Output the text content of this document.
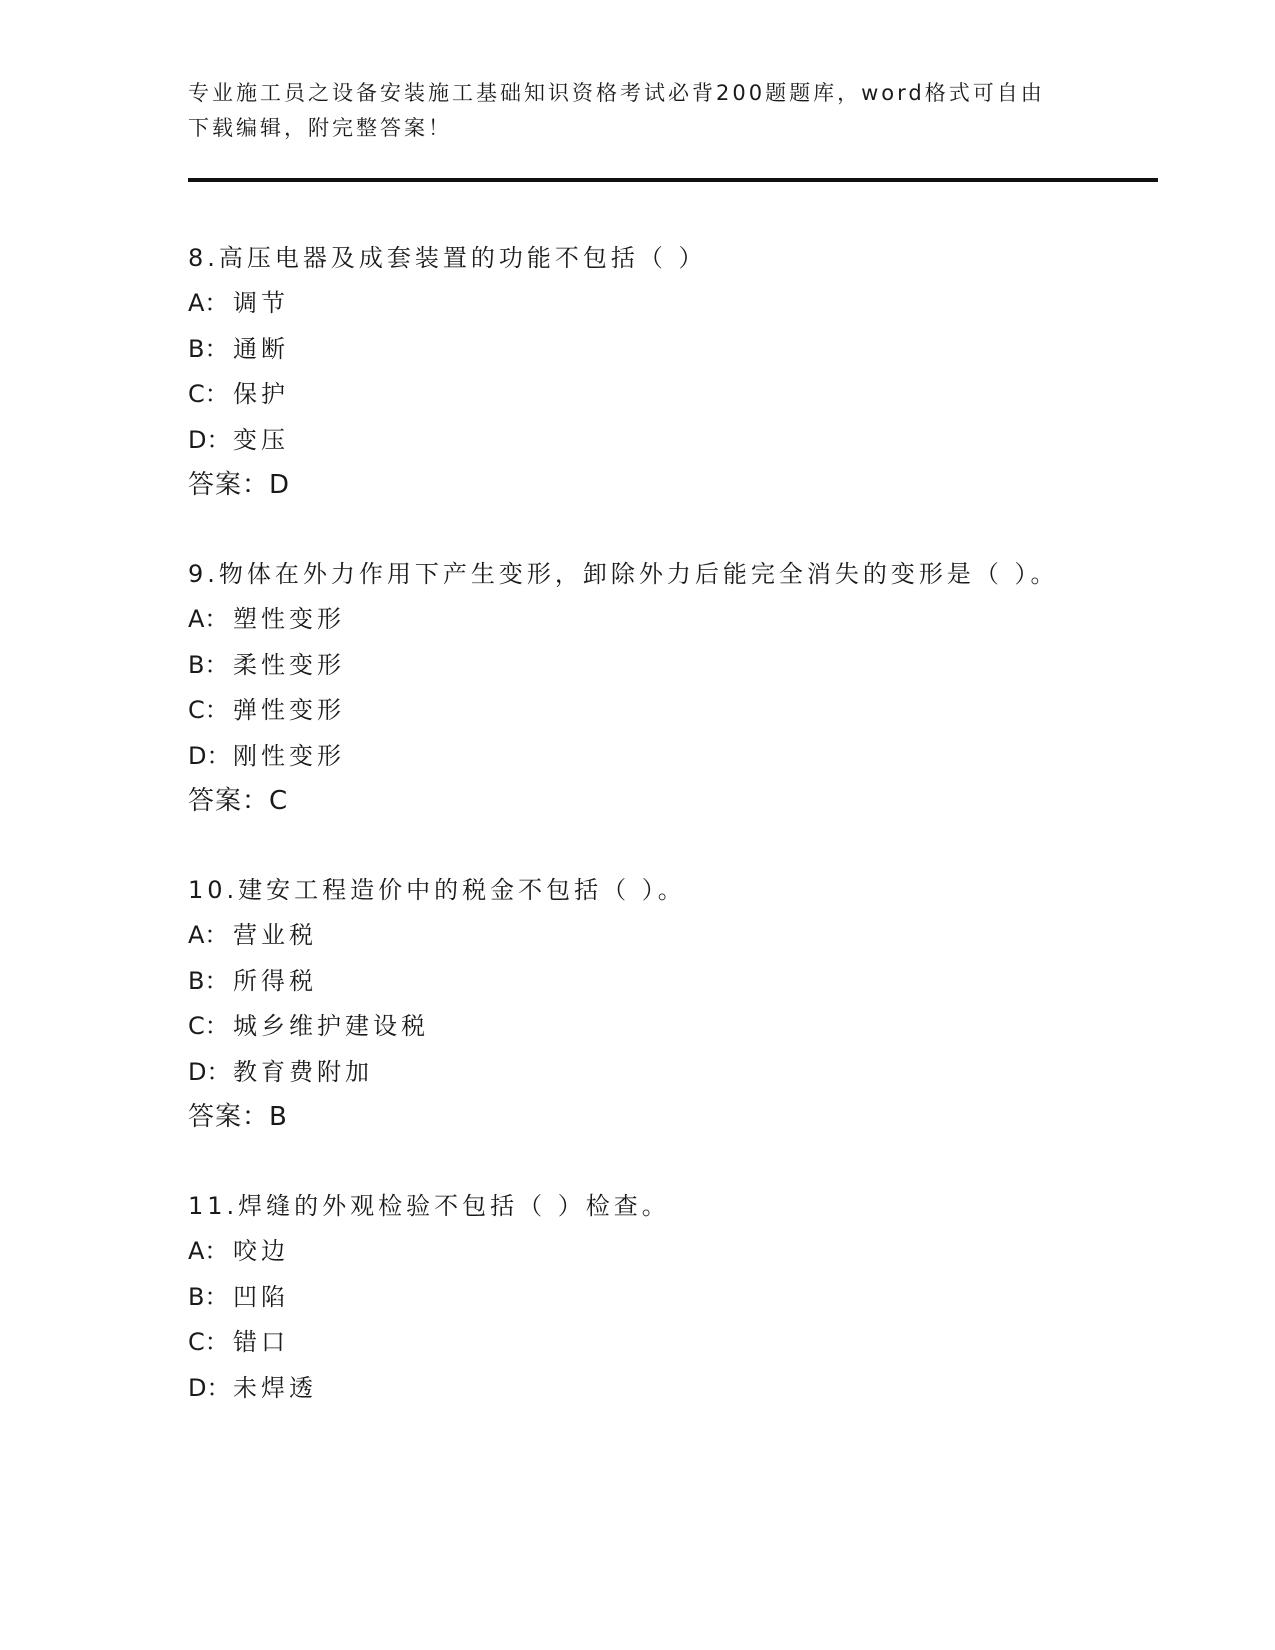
专业施工员之设备安装施工基础知识资格考试必背200题题库，word格式可自由下载编辑，附完整答案！
8.高压电器及成套装置的功能不包括（ ）
A： 调节
B： 通断
C： 保护
D： 变压
答案：D
9.物体在外力作用下产生变形，卸除外力后能完全消失的变形是（ ）。
A： 塑性变形
B： 柔性变形
C： 弹性变形
D： 刚性变形
答案：C
10.建安工程造价中的税金不包括（ ）。
A： 营业税
B： 所得税
C： 城乡维护建设税
D： 教育费附加
答案：B
11.焊缝的外观检验不包括（ ）检查。
A： 咬边
B： 凹陷
C： 错口
D： 未焊透
